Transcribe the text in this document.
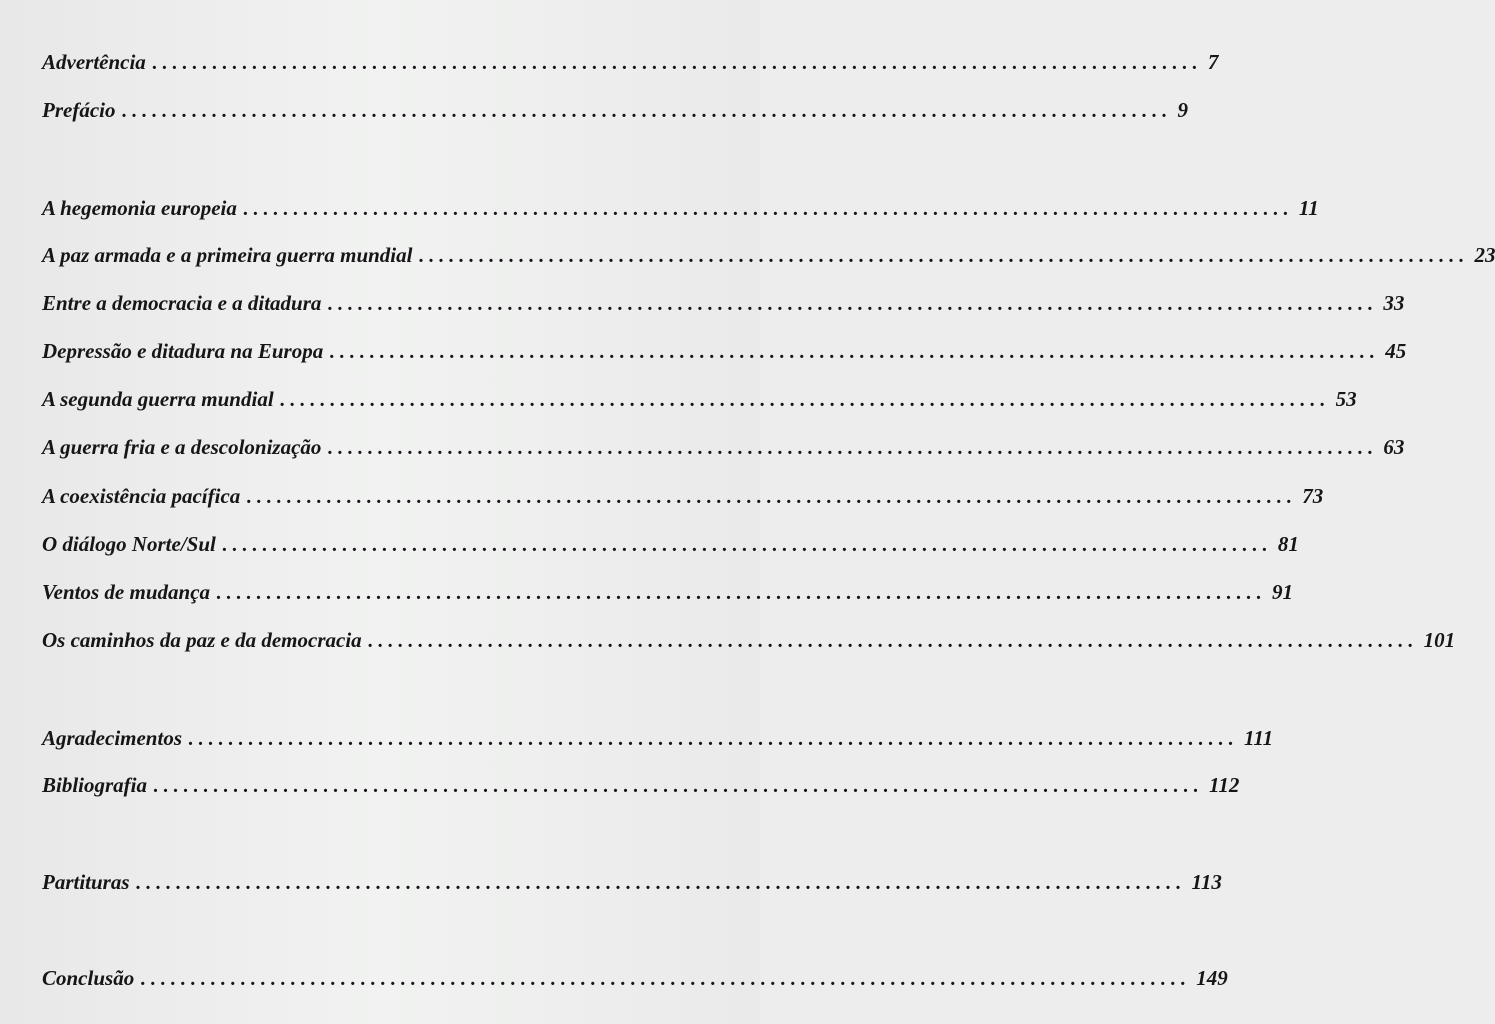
Advertência ......................................................................................................... 7
Prefácio ......................................................................................................... 9
A hegemonia europeia ......................................................................................................... 11
A paz armada e a primeira guerra mundial ......................................................................................................... 23
Entre a democracia e a ditadura ......................................................................................................... 33
Depressão e ditadura na Europa ......................................................................................................... 45
A segunda guerra mundial ......................................................................................................... 53
A guerra fria e a descolonização ......................................................................................................... 63
A coexistência pacífica ......................................................................................................... 73
O diálogo Norte/Sul ......................................................................................................... 81
Ventos de mudança ......................................................................................................... 91
Os caminhos da paz e da democracia ......................................................................................................... 101
Agradecimentos ......................................................................................................... 111
Bibliografia ......................................................................................................... 112
Partituras ......................................................................................................... 113
Conclusão ......................................................................................................... 149
